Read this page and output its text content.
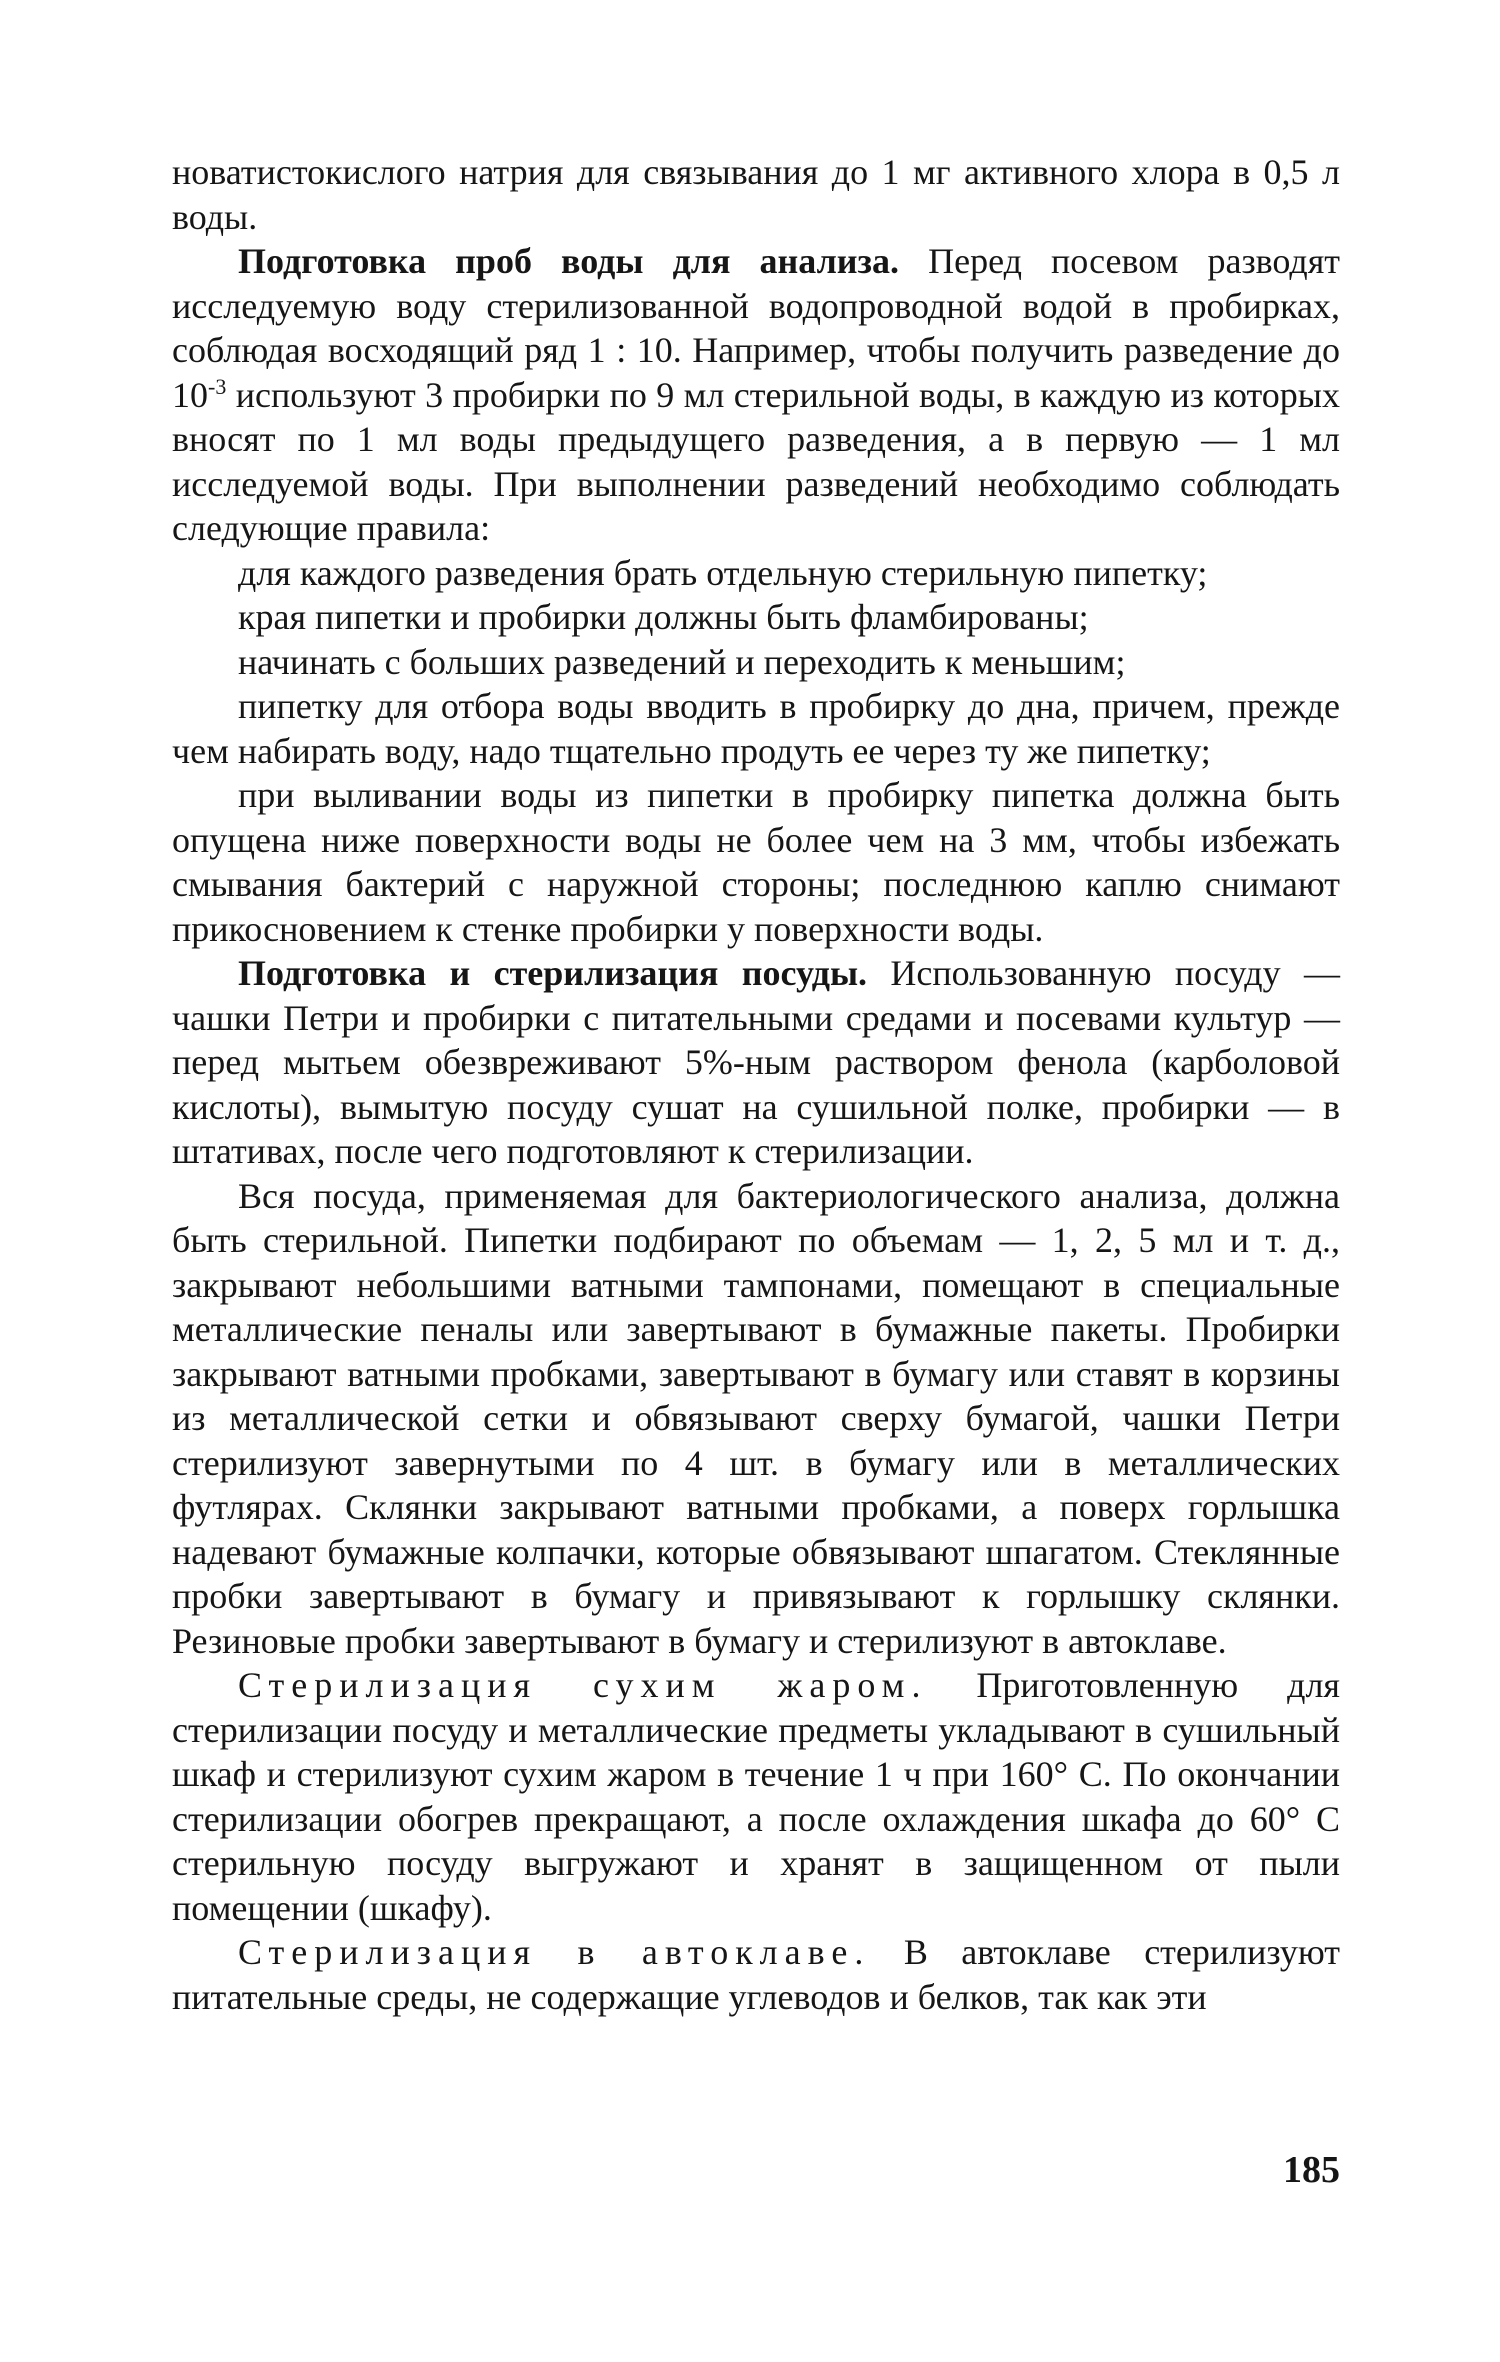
новатистокислого натрия для связывания до 1 мг активного хлора в 0,5 л воды.

Подготовка проб воды для анализа. Перед посевом разводят исследуемую воду стерилизованной водопроводной водой в пробирках, соблюдая восходящий ряд 1 : 10. Например, чтобы получить разведение до $10^{-3}$ используют 3 пробирки по 9 мл стерильной воды, в каждую из которых вносят по 1 мл воды предыдущего разведения, а в первую — 1 мл исследуемой воды. При выполнении разведений необходимо соблюдать следующие правила:

для каждого разведения брать отдельную стерильную пипетку;

края пипетки и пробирки должны быть фламбированы;

начинать с больших разведений и переходить к меньшим;

пипетку для отбора воды вводить в пробирку до дна, причем, прежде чем набирать воду, надо тщательно продуть ее через ту же пипетку;

при выливании воды из пипетки в пробирку пипетка должна быть опущена ниже поверхности воды не более чем на 3 мм, чтобы избежать смывания бактерий с наружной стороны; последнюю каплю снимают прикосновением к стенке пробирки у поверхности воды.

Подготовка и стерилизация посуды. Использованную посуду — чашки Петри и пробирки с питательными средами и посевами культур — перед мытьем обезвреживают 5%-ным раствором фенола (карболовой кислоты), вымытую посуду сушат на сушильной полке, пробирки — в штативах, после чего подготовляют к стерилизации.

Вся посуда, применяемая для бактериологического анализа, должна быть стерильной. Пипетки подбирают по объемам — 1, 2, 5 мл и т. д., закрывают небольшими ватными тампонами, помещают в специальные металлические пеналы или завертывают в бумажные пакеты. Пробирки закрывают ватными пробками, завертывают в бумагу или ставят в корзины из металлической сетки и обвязывают сверху бумагой, чашки Петри стерилизуют завернутыми по 4 шт. в бумагу или в металлических футлярах. Склянки закрывают ватными пробками, а поверх горлышка надевают бумажные колпачки, которые обвязывают шпагатом. Стеклянные пробки завертывают в бумагу и привязывают к горлышку склянки. Резиновые пробки завертывают в бумагу и стерилизуют в автоклаве.

Стерилизация сухим жаром. Приготовленную для стерилизации посуду и металлические предметы укладывают в сушильный шкаф и стерилизуют сухим жаром в течение 1 ч при 160° С. По окончании стерилизации обогрев прекращают, а после охлаждения шкафа до 60° С стерильную посуду выгружают и хранят в защищенном от пыли помещении (шкафу).

Стерилизация в автоклаве. В автоклаве стерилизуют питательные среды, не содержащие углеводов и белков, так как эти

185
